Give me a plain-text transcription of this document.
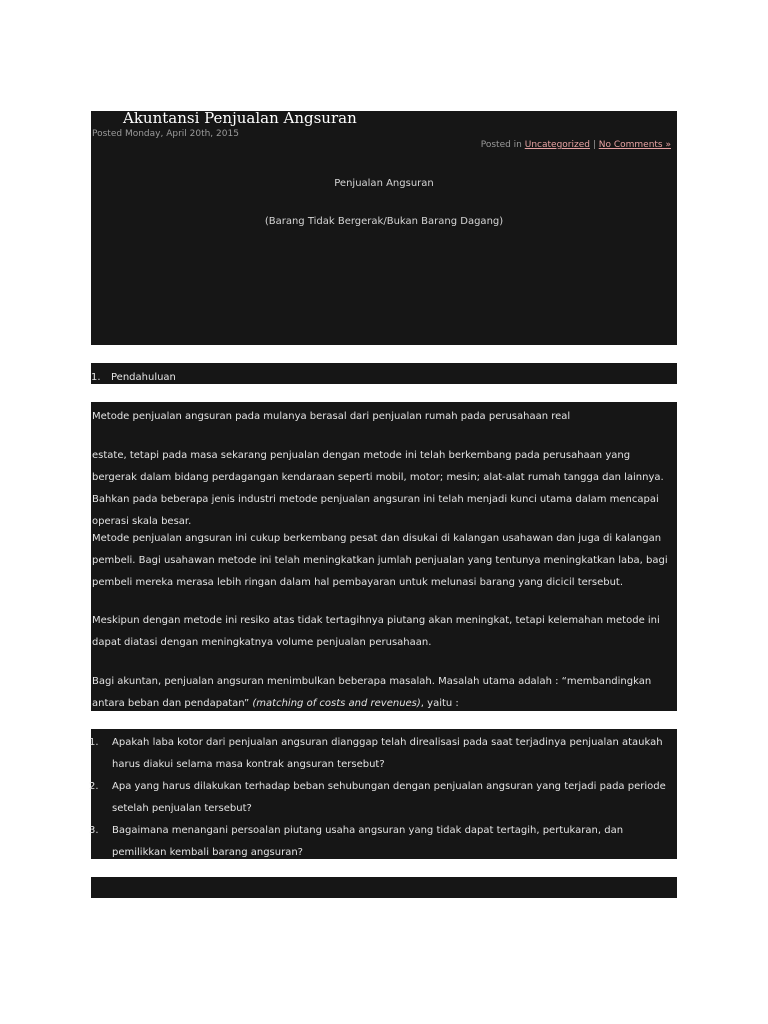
Posted in Uncategorized | No Comments »
Penjualan Angsuran
(Barang Tidak Bergerak/Bukan Barang Dagang)
Akuntansi Penjualan Angsuran
Posted Monday, April 20th, 2015
1. Pendahuluan

Metode penjualan angsuran pada mulanya berasal dari penjualan rumah pada perusahaan real

estate, tetapi pada masa sekarang penjualan dengan metode ini telah berkembang pada perusahaan yang bergerak dalam bidang perdagangan kendaraan seperti mobil, motor; mesin; alat-alat rumah tangga dan lainnya. Bahkan pada beberapa jenis industri metode penjualan angsuran ini telah menjadi kunci utama dalam mencapai operasi skala besar.

Metode penjualan angsuran ini cukup berkembang pesat dan disukai di kalangan usahawan dan juga di kalangan pembeli. Bagi usahawan metode ini telah meningkatkan jumlah penjualan yang tentunya meningkatkan laba, bagi pembeli mereka merasa lebih ringan dalam hal pembayaran untuk melunasi barang yang dicicil tersebut.

Meskipun dengan metode ini resiko atas tidak tertagihnya piutang akan meningkat, tetapi kelemahan metode ini dapat diatasi dengan meningkatnya volume penjualan perusahaan.

Bagi akuntan, penjualan angsuran menimbulkan beberapa masalah. Masalah utama adalah : “membandingkan antara beban dan pendapatan” (matching of costs and revenues), yaitu :

1. Apakah laba kotor dari penjualan angsuran dianggap telah direalisasi pada saat terjadinya penjualan ataukah harus diakui selama masa kontrak angsuran tersebut?
2. Apa yang harus dilakukan terhadap beban sehubungan dengan penjualan angsuran yang terjadi pada periode setelah penjualan tersebut?
3. Bagaimana menangani persoalan piutang usaha angsuran yang tidak dapat tertagih, pertukaran, dan pemilikkan kembali barang angsuran?
